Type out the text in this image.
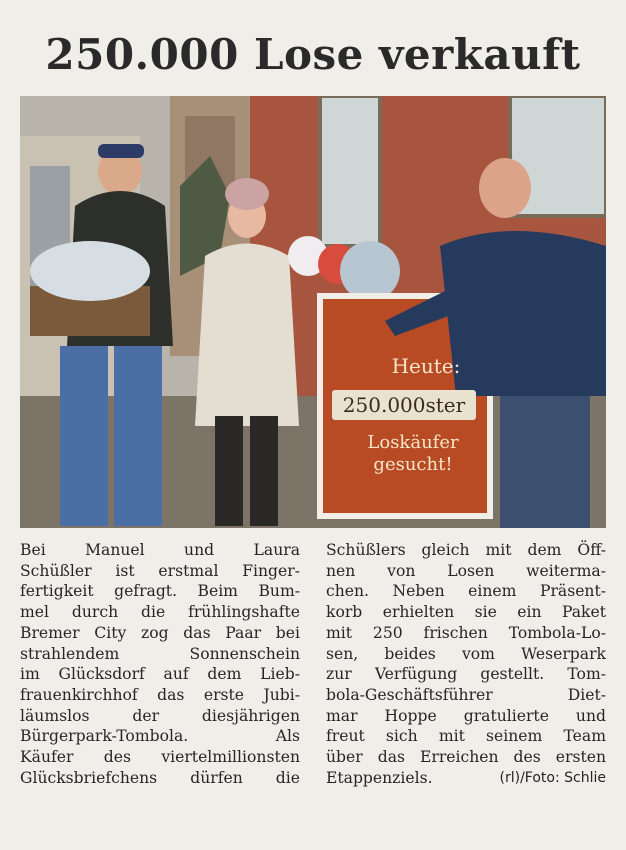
250.000 Lose verkauft
Heute:
250.000ster
Loskäufer
gesucht!
Bei Manuel und Laura
Schüßler ist erstmal Finger-
fertigkeit gefragt. Beim Bum-
mel durch die frühlingshafte
Bremer City zog das Paar bei
strahlendem Sonnenschein
im Glücksdorf auf dem Lieb-
frauenkirchhof das erste Jubi-
läumslos der diesjährigen
Bürgerpark-Tombola. Als
Käufer des viertelmillionsten
Glücksbriefchens dürfen die
Schüßlers gleich mit dem Öff-
nen von Losen weiterma-
chen. Neben einem Präsent-
korb erhielten sie ein Paket
mit 250 frischen Tombola-Lo-
sen, beides vom Weserpark
zur Verfügung gestellt. Tom-
bola-Geschäftsführer Diet-
mar Hoppe gratulierte und
freut sich mit seinem Team
über das Erreichen des ersten
Etappenziels.	(rl)/Foto: Schlie
